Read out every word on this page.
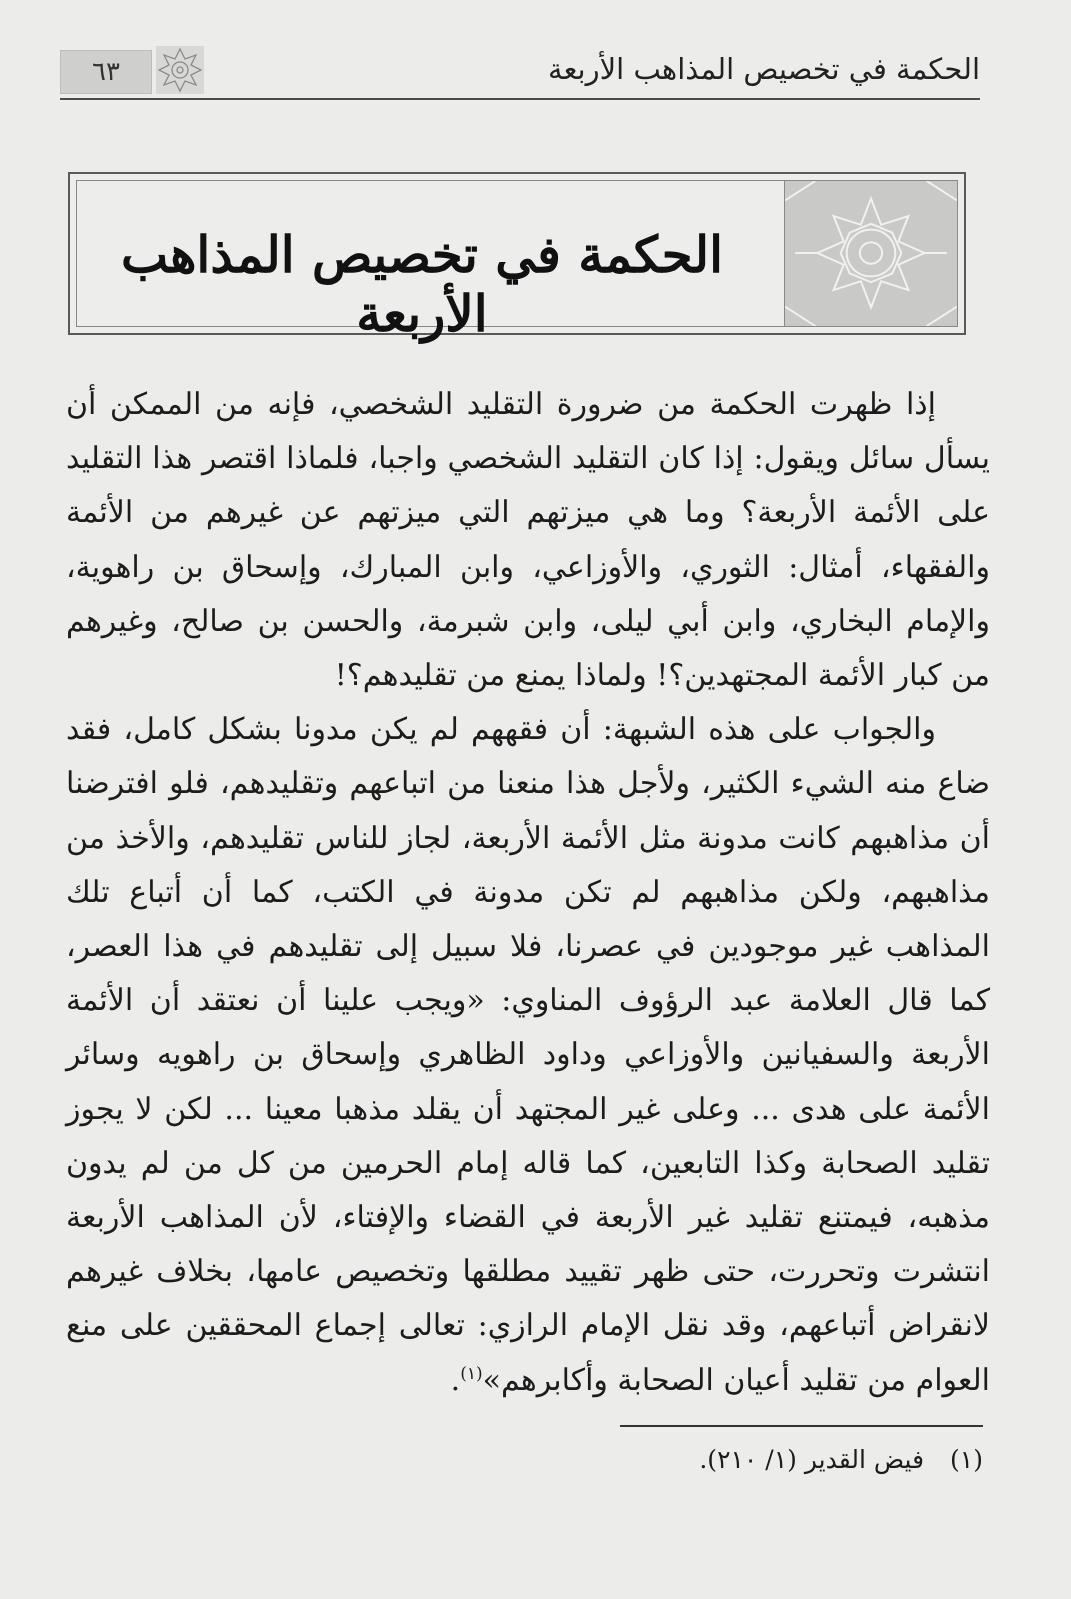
٦٣	الحكمة في تخصيص المذاهب الأربعة
الحكمة في تخصيص المذاهب الأربعة

إذا ظهرت الحكمة من ضرورة التقليد الشخصي، فإنه من الممكن أن يسأل سائل ويقول: إذا كان التقليد الشخصي واجبا، فلماذا اقتصر هذا التقليد على الأئمة الأربعة؟ وما هي ميزتهم التي ميزتهم عن غيرهم من الأئمة والفقهاء، أمثال: الثوري، والأوزاعي، وابن المبارك، وإسحاق بن راهوية، والإمام البخاري، وابن أبي ليلى، وابن شبرمة، والحسن بن صالح، وغيرهم من كبار الأئمة المجتهدين؟! ولماذا يمنع من تقليدهم؟!

والجواب على هذه الشبهة: أن فقههم لم يكن مدونا بشكل كامل، فقد ضاع منه الشيء الكثير، ولأجل هذا منعنا من اتباعهم وتقليدهم، فلو افترضنا أن مذاهبهم كانت مدونة مثل الأئمة الأربعة، لجاز للناس تقليدهم، والأخذ من مذاهبهم، ولكن مذاهبهم لم تكن مدونة في الكتب، كما أن أتباع تلك المذاهب غير موجودين في عصرنا، فلا سبيل إلى تقليدهم في هذا العصر، كما قال العلامة عبد الرؤوف المناوي: «ويجب علينا أن نعتقد أن الأئمة الأربعة والسفيانين والأوزاعي وداود الظاهري وإسحاق بن راهويه وسائر الأئمة على هدى ... وعلى غير المجتهد أن يقلد مذهبا معينا ... لكن لا يجوز تقليد الصحابة وكذا التابعين، كما قاله إمام الحرمين من كل من لم يدون مذهبه، فيمتنع تقليد غير الأربعة في القضاء والإفتاء، لأن المذاهب الأربعة انتشرت وتحررت، حتى ظهر تقييد مطلقها وتخصيص عامها، بخلاف غيرهم لانقراض أتباعهم، وقد نقل الإمام الرازي: تعالى إجماع المحققين على منع العوام من تقليد أعيان الصحابة وأكابرهم»$^{(١)}$.

(١)فيض القدير (١/ ٢١٠).
